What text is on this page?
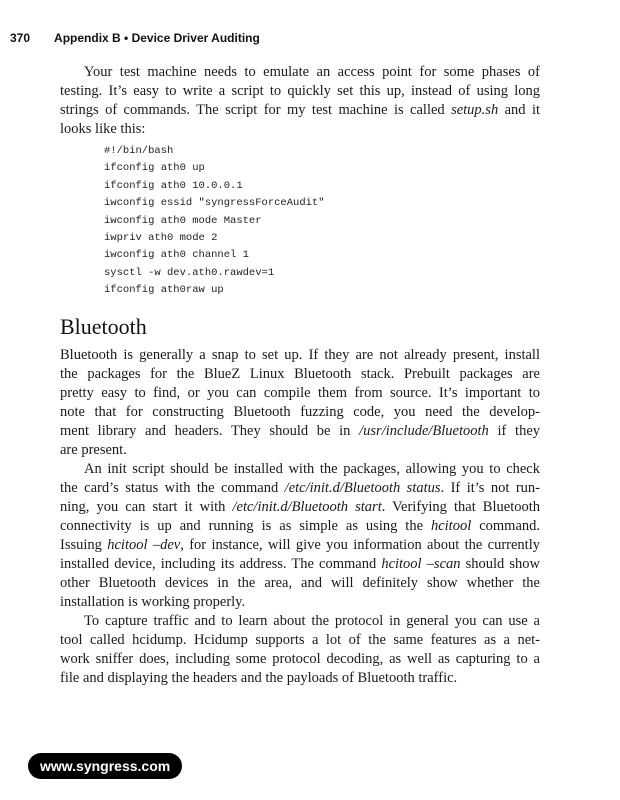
370 Appendix B • Device Driver Auditing
Your test machine needs to emulate an access point for some phases of
testing. It’s easy to write a script to quickly set this up, instead of using long
strings of commands. The script for my test machine is called setup.sh and it
looks like this:
#!/bin/bash
ifconfig ath0 up
ifconfig ath0 10.0.0.1
iwconfig essid "syngressForceAudit"
iwconfig ath0 mode Master
iwpriv ath0 mode 2
iwconfig ath0 channel 1
sysctl -w dev.ath0.rawdev=1
ifconfig ath0raw up
Bluetooth
Bluetooth is generally a snap to set up. If they are not already present, install
the packages for the BlueZ Linux Bluetooth stack. Prebuilt packages are
pretty easy to find, or you can compile them from source. It’s important to
note that for constructing Bluetooth fuzzing code, you need the develop-
ment library and headers. They should be in /usr/include/Bluetooth if they
are present.
An init script should be installed with the packages, allowing you to check
the card’s status with the command /etc/init.d/Bluetooth status. If it’s not run-
ning, you can start it with /etc/init.d/Bluetooth start. Verifying that Bluetooth
connectivity is up and running is as simple as using the hcitool command.
Issuing hcitool –dev, for instance, will give you information about the currently
installed device, including its address. The command hcitool –scan should show
other Bluetooth devices in the area, and will definitely show whether the
installation is working properly.
To capture traffic and to learn about the protocol in general you can use a
tool called hcidump. Hcidump supports a lot of the same features as a net-
work sniffer does, including some protocol decoding, as well as capturing to a
file and displaying the headers and the payloads of Bluetooth traffic.
www.syngress.com
